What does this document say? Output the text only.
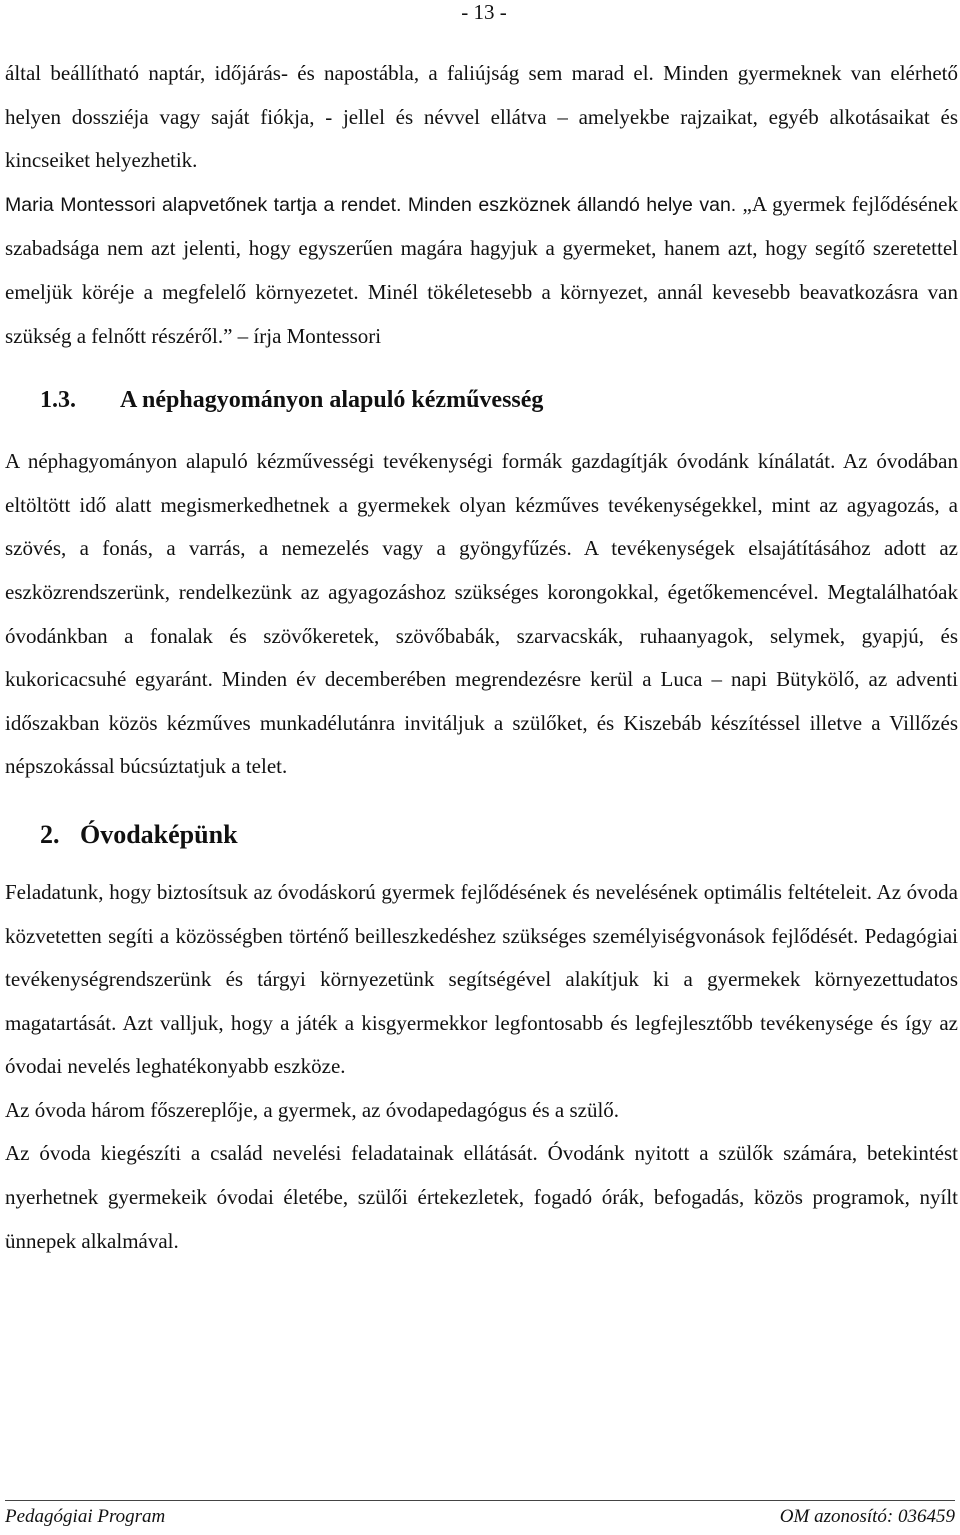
- 13 -

által beállítható naptár, időjárás- és napostábla, a faliújság sem marad el. Minden gyermeknek van elérhető helyen dossziéja vagy saját fiókja, - jellel és névvel ellátva – amelyekbe rajzaikat, egyéb alkotásaikat és kincseiket helyezhetik.

Maria Montessori alapvetőnek tartja a rendet. Minden eszköznek állandó helye van. „A gyermek fejlődésének szabadsága nem azt jelenti, hogy egyszerűen magára hagyjuk a gyermeket, hanem azt, hogy segítő szeretettel emeljük köréje a megfelelő környezetet. Minél tökéletesebb a környezet, annál kevesebb beavatkozásra van szükség a felnőtt részéről.” – írja Montessori

1.3. A néphagyományon alapuló kézművesség

A néphagyományon alapuló kézművességi tevékenységi formák gazdagítják óvodánk kínálatát. Az óvodában eltöltött idő alatt megismerkedhetnek a gyermekek olyan kézműves tevékenységekkel, mint az agyagozás, a szövés, a fonás, a varrás, a nemezelés vagy a gyöngyfűzés. A tevékenységek elsajátításához adott az eszközrendszerünk, rendelkezünk az agyagozáshoz szükséges korongokkal, égetőkemencével. Megtalálhatóak óvodánkban a fonalak és szövőkeretek, szövőbabák, szarvacskák, ruhaanyagok, selymek, gyapjú, és kukoricacsuhé egyaránt. Minden év decemberében megrendezésre kerül a Luca – napi Bütykölő, az adventi időszakban közös kézműves munkadélutánra invitáljuk a szülőket, és Kiszebáb készítéssel illetve a Villőzés népszokással búcsúztatjuk a telet.

2. Óvodaképünk

Feladatunk, hogy biztosítsuk az óvodáskorú gyermek fejlődésének és nevelésének optimális feltételeit. Az óvoda közvetetten segíti a közösségben történő beilleszkedéshez szükséges személyiségvonások fejlődését. Pedagógiai tevékenységrendszerünk és tárgyi környezetünk segítségével alakítjuk ki a gyermekek környezettudatos magatartását. Azt valljuk, hogy a játék a kisgyermekkor legfontosabb és legfejlesztőbb tevékenysége és így az óvodai nevelés leghatékonyabb eszköze.

Az óvoda három főszereplője, a gyermek, az óvodapedagógus és a szülő.

Az óvoda kiegészíti a család nevelési feladatainak ellátását. Óvodánk nyitott a szülők számára, betekintést nyerhetnek gyermekeik óvodai életébe, szülői értekezletek, fogadó órák, befogadás, közös programok, nyílt ünnepek alkalmával.

Pedagógiai Program	OM azonosító: 036459
